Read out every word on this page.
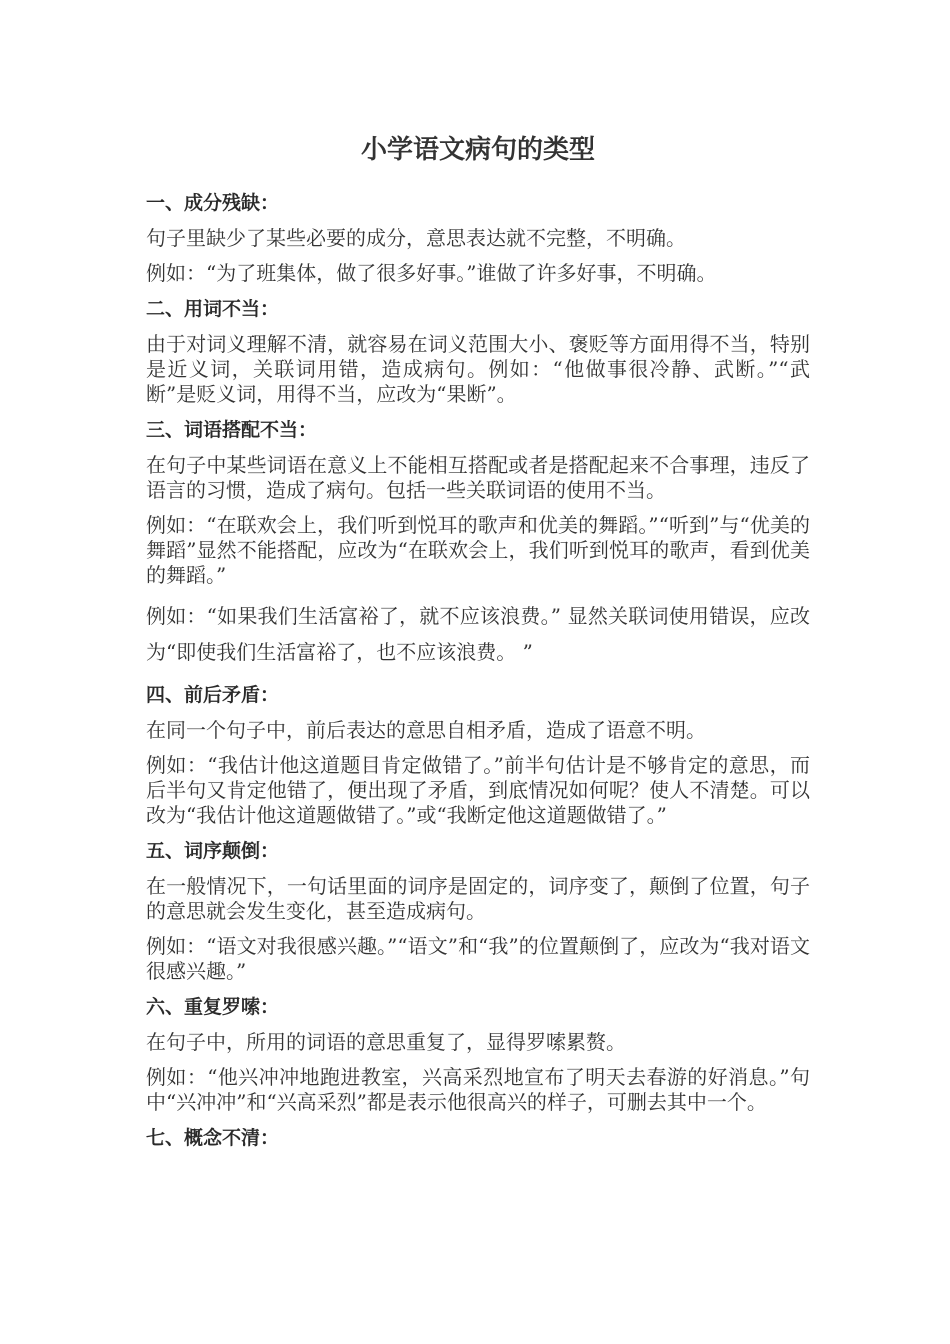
小学语文病句的类型
一、成分残缺：
句子里缺少了某些必要的成分，意思表达就不完整，不明确。
例如：“为了班集体，做了很多好事。”谁做了许多好事，不明确。
二、用词不当：
由于对词义理解不清，就容易在词义范围大小、褒贬等方面用得不当，特别是近义词，关联词用错，造成病句。例如：“他做事很冷静、武断。”“武断”是贬义词，用得不当，应改为“果断”。
三、词语搭配不当：
在句子中某些词语在意义上不能相互搭配或者是搭配起来不合事理，违反了语言的习惯，造成了病句。包括一些关联词语的使用不当。
例如：“在联欢会上，我们听到悦耳的歌声和优美的舞蹈。”“听到”与“优美的舞蹈”显然不能搭配，应改为“在联欢会上，我们听到悦耳的歌声，看到优美的舞蹈。”
例如：“如果我们生活富裕了，就不应该浪费。” 显然关联词使用错误，应改为“即使我们生活富裕了，也不应该浪费。 ”
四、前后矛盾：
在同一个句子中，前后表达的意思自相矛盾，造成了语意不明。
例如：“我估计他这道题目肯定做错了。”前半句估计是不够肯定的意思，而后半句又肯定他错了，便出现了矛盾，到底情况如何呢？使人不清楚。可以改为“我估计他这道题做错了。”或“我断定他这道题做错了。”
五、词序颠倒：
在一般情况下，一句话里面的词序是固定的，词序变了，颠倒了位置，句子的意思就会发生变化，甚至造成病句。
例如：“语文对我很感兴趣。”“语文”和“我”的位置颠倒了，应改为“我对语文很感兴趣。”
六、重复罗嗦：
在句子中，所用的词语的意思重复了，显得罗嗦累赘。
例如：“他兴冲冲地跑进教室，兴高采烈地宣布了明天去春游的好消息。”句中“兴冲冲”和“兴高采烈”都是表示他很高兴的样子，可删去其中一个。
七、概念不清：
